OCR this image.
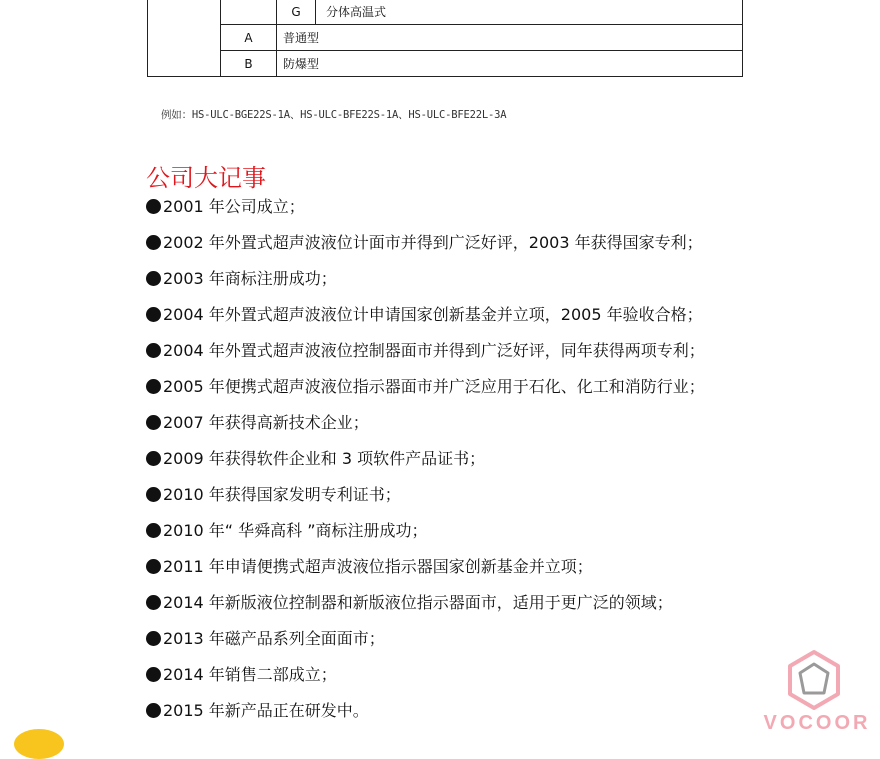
		G	分体高温式
	A	普通型	
	B	防爆型	
例如：HS-ULC-BGE22S-1A、HS-ULC-BFE22S-1A、HS-ULC-BFE22L-3A
公司大记事
2001 年公司成立；
2002 年外置式超声波液位计面市并得到广泛好评，2003 年获得国家专利；
2003 年商标注册成功；
2004 年外置式超声波液位计申请国家创新基金并立项，2005 年验收合格；
2004 年外置式超声波液位控制器面市并得到广泛好评，同年获得两项专利；
2005 年便携式超声波液位指示器面市并广泛应用于石化、化工和消防行业；
2007 年获得高新技术企业；
2009 年获得软件企业和 3 项软件产品证书；
2010 年获得国家发明专利证书；
2010 年“ 华舜高科 ”商标注册成功；
2011 年申请便携式超声波液位指示器国家创新基金并立项；
2014 年新版液位控制器和新版液位指示器面市，适用于更广泛的领域；
2013 年磁产品系列全面面市；
2014 年销售二部成立；
2015 年新产品正在研发中。
VOCOOR
